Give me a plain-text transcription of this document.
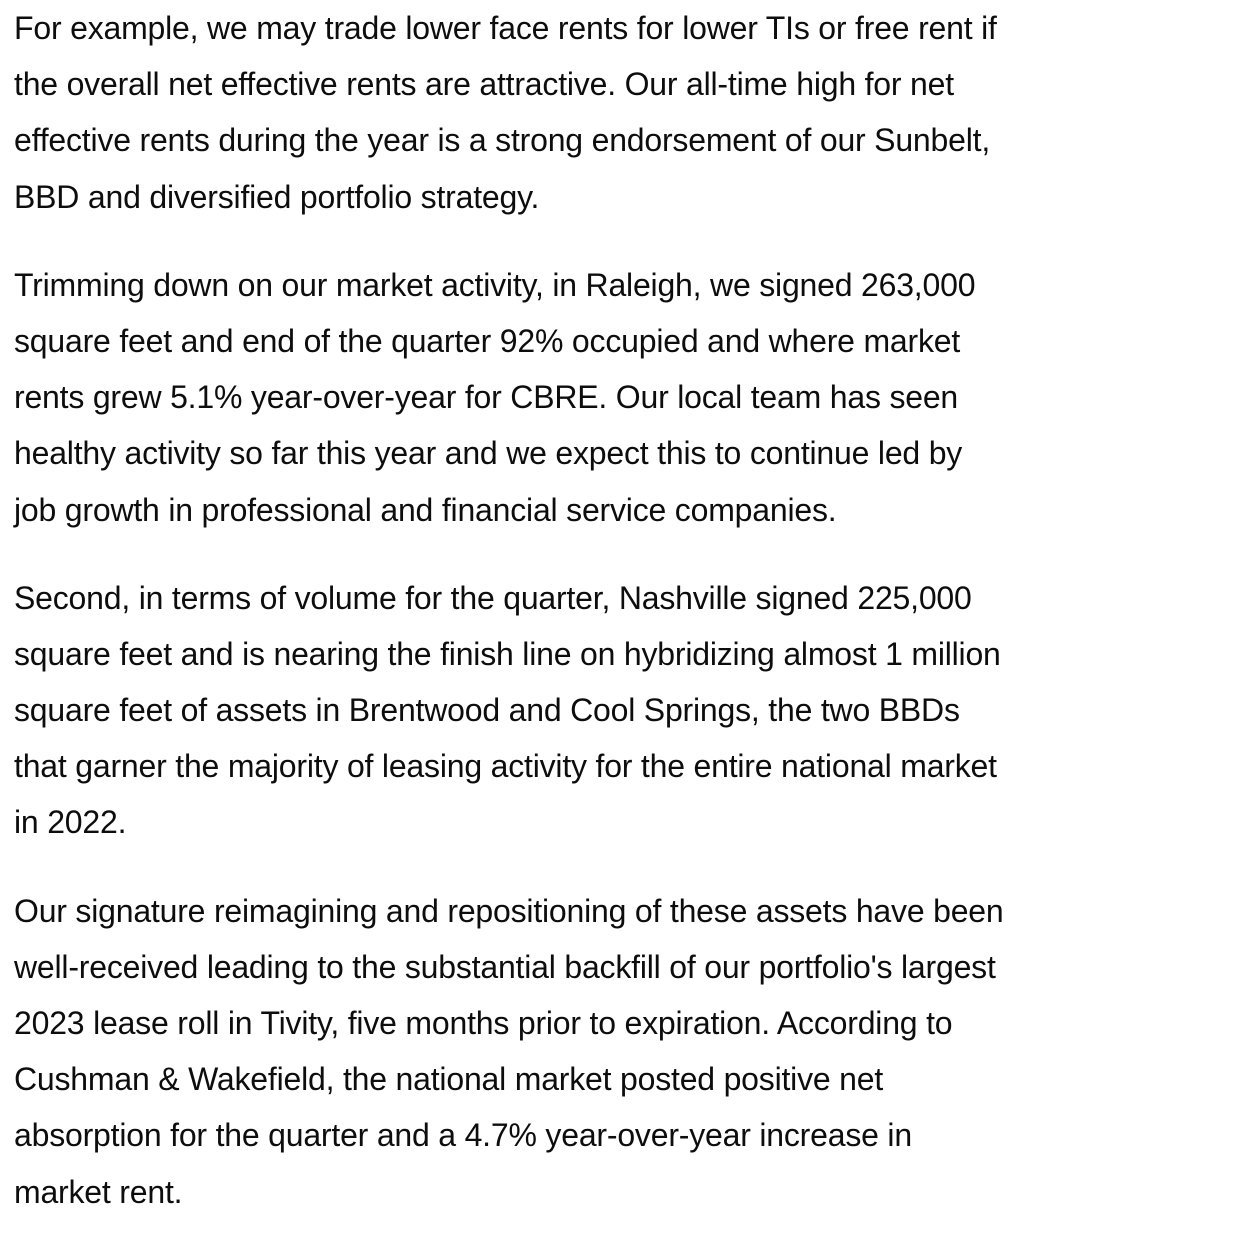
For example, we may trade lower face rents for lower TIs or free rent if
the overall net effective rents are attractive. Our all-time high for net
effective rents during the year is a strong endorsement of our Sunbelt,
BBD and diversified portfolio strategy.

Trimming down on our market activity, in Raleigh, we signed 263,000
square feet and end of the quarter 92% occupied and where market
rents grew 5.1% year-over-year for CBRE. Our local team has seen
healthy activity so far this year and we expect this to continue led by
job growth in professional and financial service companies.

Second, in terms of volume for the quarter, Nashville signed 225,000
square feet and is nearing the finish line on hybridizing almost 1 million
square feet of assets in Brentwood and Cool Springs, the two BBDs
that garner the majority of leasing activity for the entire national market
in 2022.

Our signature reimagining and repositioning of these assets have been
well-received leading to the substantial backfill of our portfolio's largest
2023 lease roll in Tivity, five months prior to expiration. According to
Cushman & Wakefield, the national market posted positive net
absorption for the quarter and a 4.7% year-over-year increase in
market rent.
